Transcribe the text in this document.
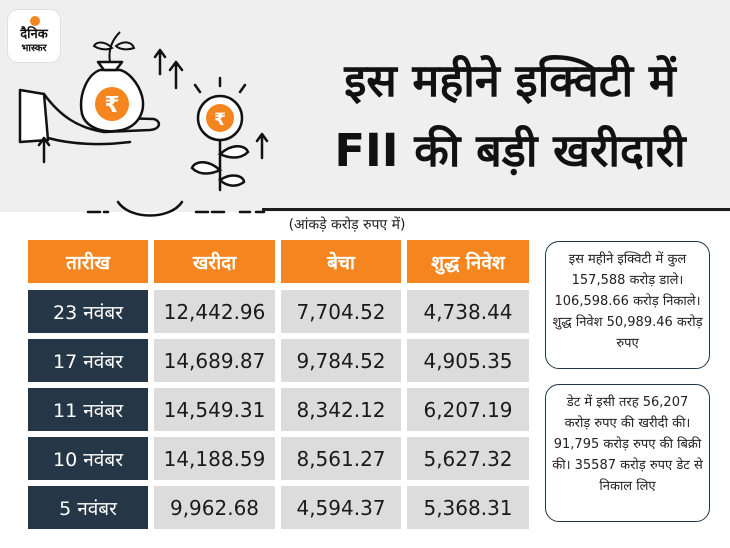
दैनिक
भास्कर
₹
₹
इस महीने इक्विटी में
FII की बड़ी खरीदारी
(आंकड़े करोड़ रुपए में)
तारीख	खरीदा	बेचा	शुद्ध निवेश
23 नवंबर	12,442.96	7,704.52	4,738.44
17 नवंबर	14,689.87	9,784.52	4,905.35
11 नवंबर	14,549.31	8,342.12	6,207.19
10 नवंबर	14,188.59	8,561.27	5,627.32
5 नवंबर	9,962.68	4,594.37	5,368.31
इस महीने इक्विटी में कुल 157,588 करोड़ डाले। 106,598.66 करोड़ निकाले। शुद्ध निवेश 50,989.46 करोड़ रुपए
डेट में इसी तरह 56,207 करोड़ रुपए की खरीदी की। 91,795 करोड़ रुपए की बिक्री की। 35587 करोड़ रुपए डेट से निकाल लिए
